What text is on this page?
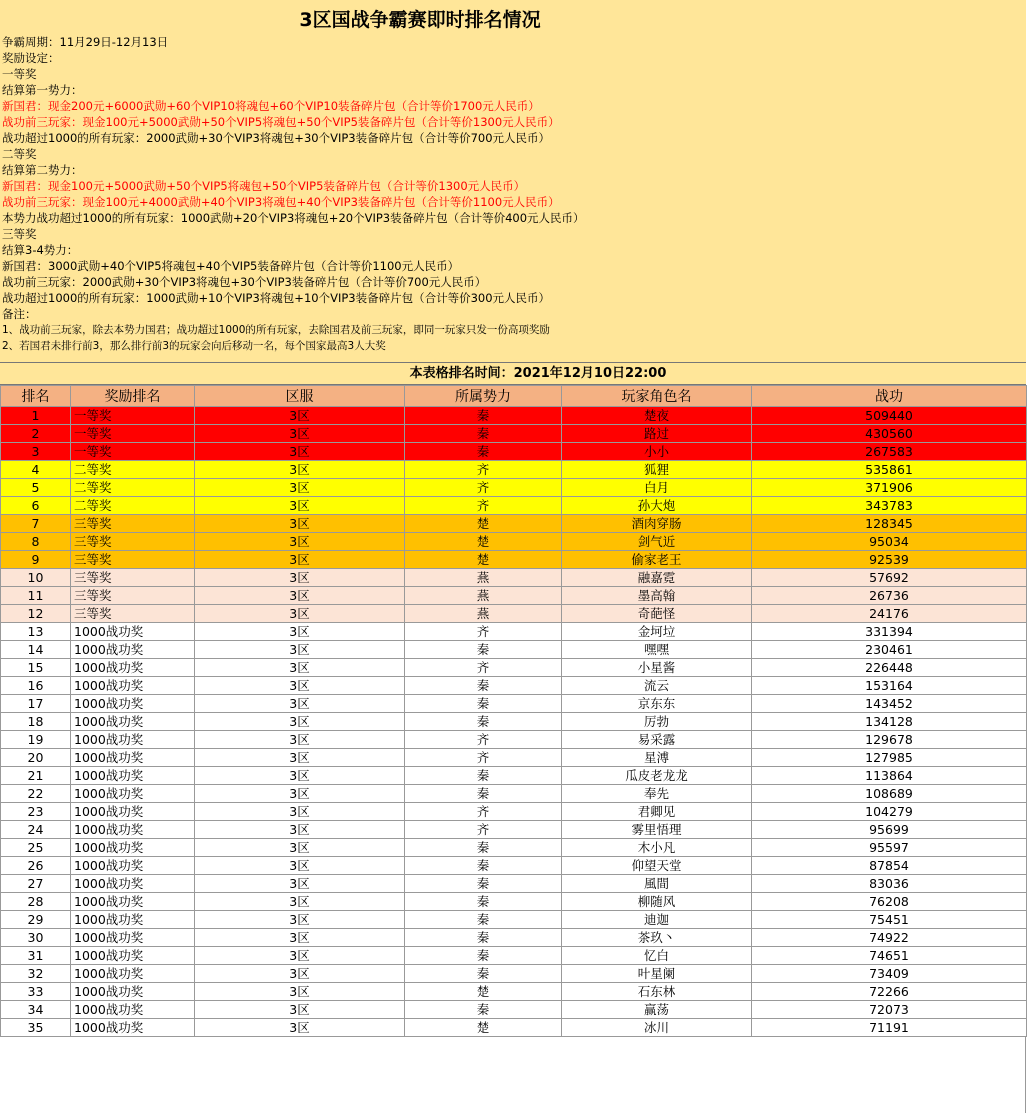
3区国战争霸赛即时排名情况
争霸周期：11月29日-12月13日
奖励设定：
一等奖
结算第一势力：
新国君：现金200元+6000武勋+60个VIP10将魂包+60个VIP10装备碎片包（合计等价1700元人民币）
战功前三玩家：现金100元+5000武勋+50个VIP5将魂包+50个VIP5装备碎片包（合计等价1300元人民币）
战功超过1000的所有玩家：2000武勋+30个VIP3将魂包+30个VIP3装备碎片包（合计等价700元人民币）
二等奖
结算第二势力：
新国君：现金100元+5000武勋+50个VIP5将魂包+50个VIP5装备碎片包（合计等价1300元人民币）
战功前三玩家：现金100元+4000武勋+40个VIP3将魂包+40个VIP3装备碎片包（合计等价1100元人民币）
本势力战功超过1000的所有玩家：1000武勋+20个VIP3将魂包+20个VIP3装备碎片包（合计等价400元人民币）
三等奖
结算3-4势力：
新国君：3000武勋+40个VIP5将魂包+40个VIP5装备碎片包（合计等价1100元人民币）
战功前三玩家：2000武勋+30个VIP3将魂包+30个VIP3装备碎片包（合计等价700元人民币）
战功超过1000的所有玩家：1000武勋+10个VIP3将魂包+10个VIP3装备碎片包（合计等价300元人民币）
备注：
1、战功前三玩家，除去本势力国君；战功超过1000的所有玩家，去除国君及前三玩家，即同一玩家只发一份高项奖励
2、若国君未排行前3，那么排行前3的玩家会向后移动一名，每个国家最高3人大奖
本表格排名时间：2021年12月10日22:00
排名	奖励排名	区服	所属势力	玩家角色名	战功
1	一等奖	3区	秦	楚夜	509440
2	一等奖	3区	秦	路过	430560
3	一等奖	3区	秦	小小	267583
4	二等奖	3区	齐	狐狸	535861
5	二等奖	3区	齐	白月	371906
6	二等奖	3区	齐	孙大炮	343783
7	三等奖	3区	楚	酒肉穿肠	128345
8	三等奖	3区	楚	剑气近	95034
9	三等奖	3区	楚	偷家老王	92539
10	三等奖	3区	燕	融嘉霓	57692
11	三等奖	3区	燕	墨高翰	26736
12	三等奖	3区	燕	奇葩怪	24176
13	1000战功奖	3区	齐	金坷垃	331394
14	1000战功奖	3区	秦	嘿嘿	230461
15	1000战功奖	3区	齐	小星酱	226448
16	1000战功奖	3区	秦	流云	153164
17	1000战功奖	3区	秦	京东东	143452
18	1000战功奖	3区	秦	厉勃	134128
19	1000战功奖	3区	齐	易采露	129678
20	1000战功奖	3区	齐	星溥	127985
21	1000战功奖	3区	秦	瓜皮老龙龙	113864
22	1000战功奖	3区	秦	奉先	108689
23	1000战功奖	3区	齐	君卿见	104279
24	1000战功奖	3区	齐	雾里悟理	95699
25	1000战功奖	3区	秦	木小凡	95597
26	1000战功奖	3区	秦	仰望天堂	87854
27	1000战功奖	3区	秦	風間	83036
28	1000战功奖	3区	秦	柳随风	76208
29	1000战功奖	3区	秦	迪迦	75451
30	1000战功奖	3区	秦	茶玖丶	74922
31	1000战功奖	3区	秦	忆白	74651
32	1000战功奖	3区	秦	叶星阑	73409
33	1000战功奖	3区	楚	石东林	72266
34	1000战功奖	3区	秦	赢荡	72073
35	1000战功奖	3区	楚	冰川	71191
